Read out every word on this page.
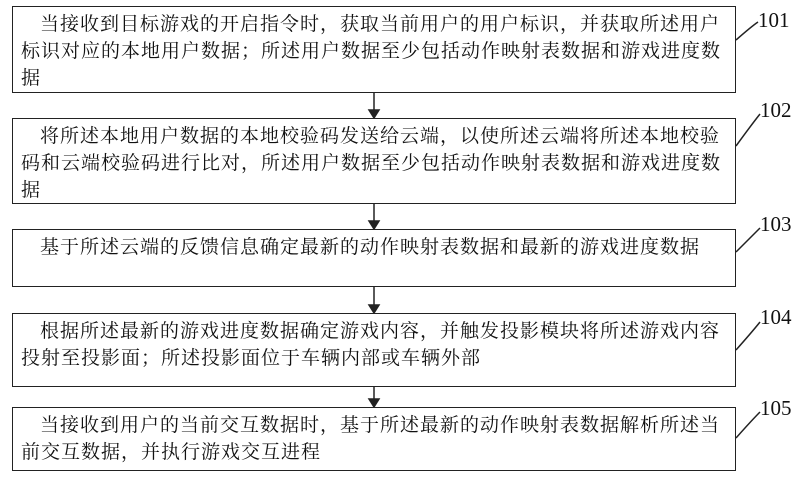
当接收到目标游戏的开启指令时，获取当前用户的用户标识，并获取所述用户标识对应的本地用户数据；所述用户数据至少包括动作映射表数据和游戏进度数据
101
将所述本地用户数据的本地校验码发送给云端，以使所述云端将所述本地校验码和云端校验码进行比对，所述用户数据至少包括动作映射表数据和游戏进度数据
102
基于所述云端的反馈信息确定最新的动作映射表数据和最新的游戏进度数据
103
根据所述最新的游戏进度数据确定游戏内容，并触发投影模块将所述游戏内容投射至投影面；所述投影面位于车辆内部或车辆外部
104
当接收到用户的当前交互数据时，基于所述最新的动作映射表数据解析所述当前交互数据，并执行游戏交互进程
105
